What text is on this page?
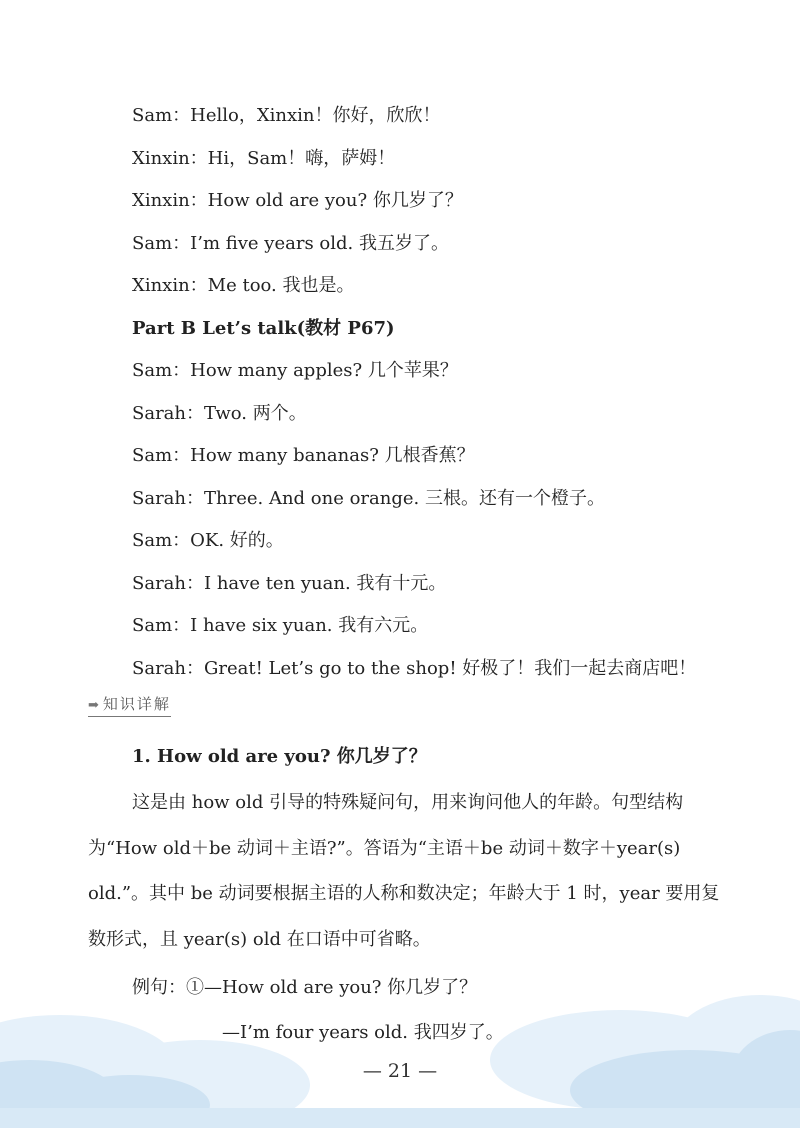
Sam：Hello，Xinxin！你好，欣欣！
Xinxin：Hi，Sam！嗨，萨姆！
Xinxin：How old are you? 你几岁了？
Sam：I’m five years old. 我五岁了。
Xinxin：Me too. 我也是。
Part B Let’s talk(教材 P67)
Sam：How many apples? 几个苹果？
Sarah：Two. 两个。
Sam：How many bananas? 几根香蕉？
Sarah：Three. And one orange. 三根。还有一个橙子。
Sam：OK. 好的。
Sarah：I have ten yuan. 我有十元。
Sam：I have six yuan. 我有六元。
Sarah：Great! Let’s go to the shop! 好极了！我们一起去商店吧！
➡ 知识详解
1. How old are you? 你几岁了？
这是由 how old 引导的特殊疑问句，用来询问他人的年龄。句型结构为“How old＋be 动词＋主语?”。答语为“主语＋be 动词＋数字＋year(s) old.”。其中 be 动词要根据主语的人称和数决定；年龄大于 1 时，year 要用复数形式，且 year(s) old 在口语中可省略。
例句：①—How old are you? 你几岁了？
—I’m four years old. 我四岁了。
— 21 —
